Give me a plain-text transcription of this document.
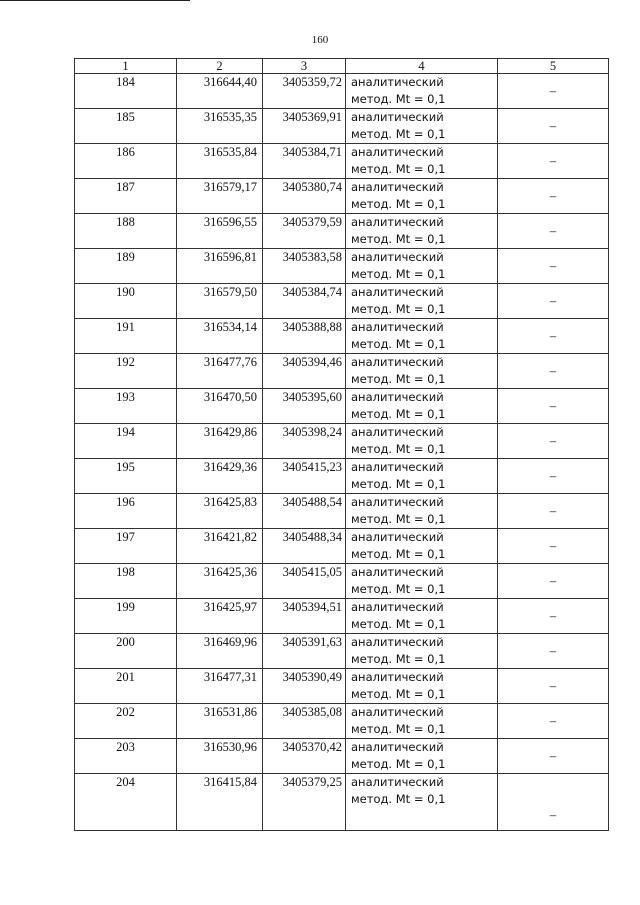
160
1	2	3	4	5
184	316644,40	3405359,72	аналитический
метод. Mt = 0,1	–
185	316535,35	3405369,91	аналитический
метод. Mt = 0,1	–
186	316535,84	3405384,71	аналитический
метод. Mt = 0,1	–
187	316579,17	3405380,74	аналитический
метод. Mt = 0,1	–
188	316596,55	3405379,59	аналитический
метод. Mt = 0,1	–
189	316596,81	3405383,58	аналитический
метод. Mt = 0,1	–
190	316579,50	3405384,74	аналитический
метод. Mt = 0,1	–
191	316534,14	3405388,88	аналитический
метод. Mt = 0,1	–
192	316477,76	3405394,46	аналитический
метод. Mt = 0,1	–
193	316470,50	3405395,60	аналитический
метод. Mt = 0,1	–
194	316429,86	3405398,24	аналитический
метод. Mt = 0,1	–
195	316429,36	3405415,23	аналитический
метод. Mt = 0,1	–
196	316425,83	3405488,54	аналитический
метод. Mt = 0,1	–
197	316421,82	3405488,34	аналитический
метод. Mt = 0,1	–
198	316425,36	3405415,05	аналитический
метод. Mt = 0,1	–
199	316425,97	3405394,51	аналитический
метод. Mt = 0,1	–
200	316469,96	3405391,63	аналитический
метод. Mt = 0,1	–
201	316477,31	3405390,49	аналитический
метод. Mt = 0,1	–
202	316531,86	3405385,08	аналитический
метод. Mt = 0,1	–
203	316530,96	3405370,42	аналитический
метод. Mt = 0,1	–
204	316415,84	3405379,25	аналитический
метод. Mt = 0,1	–
